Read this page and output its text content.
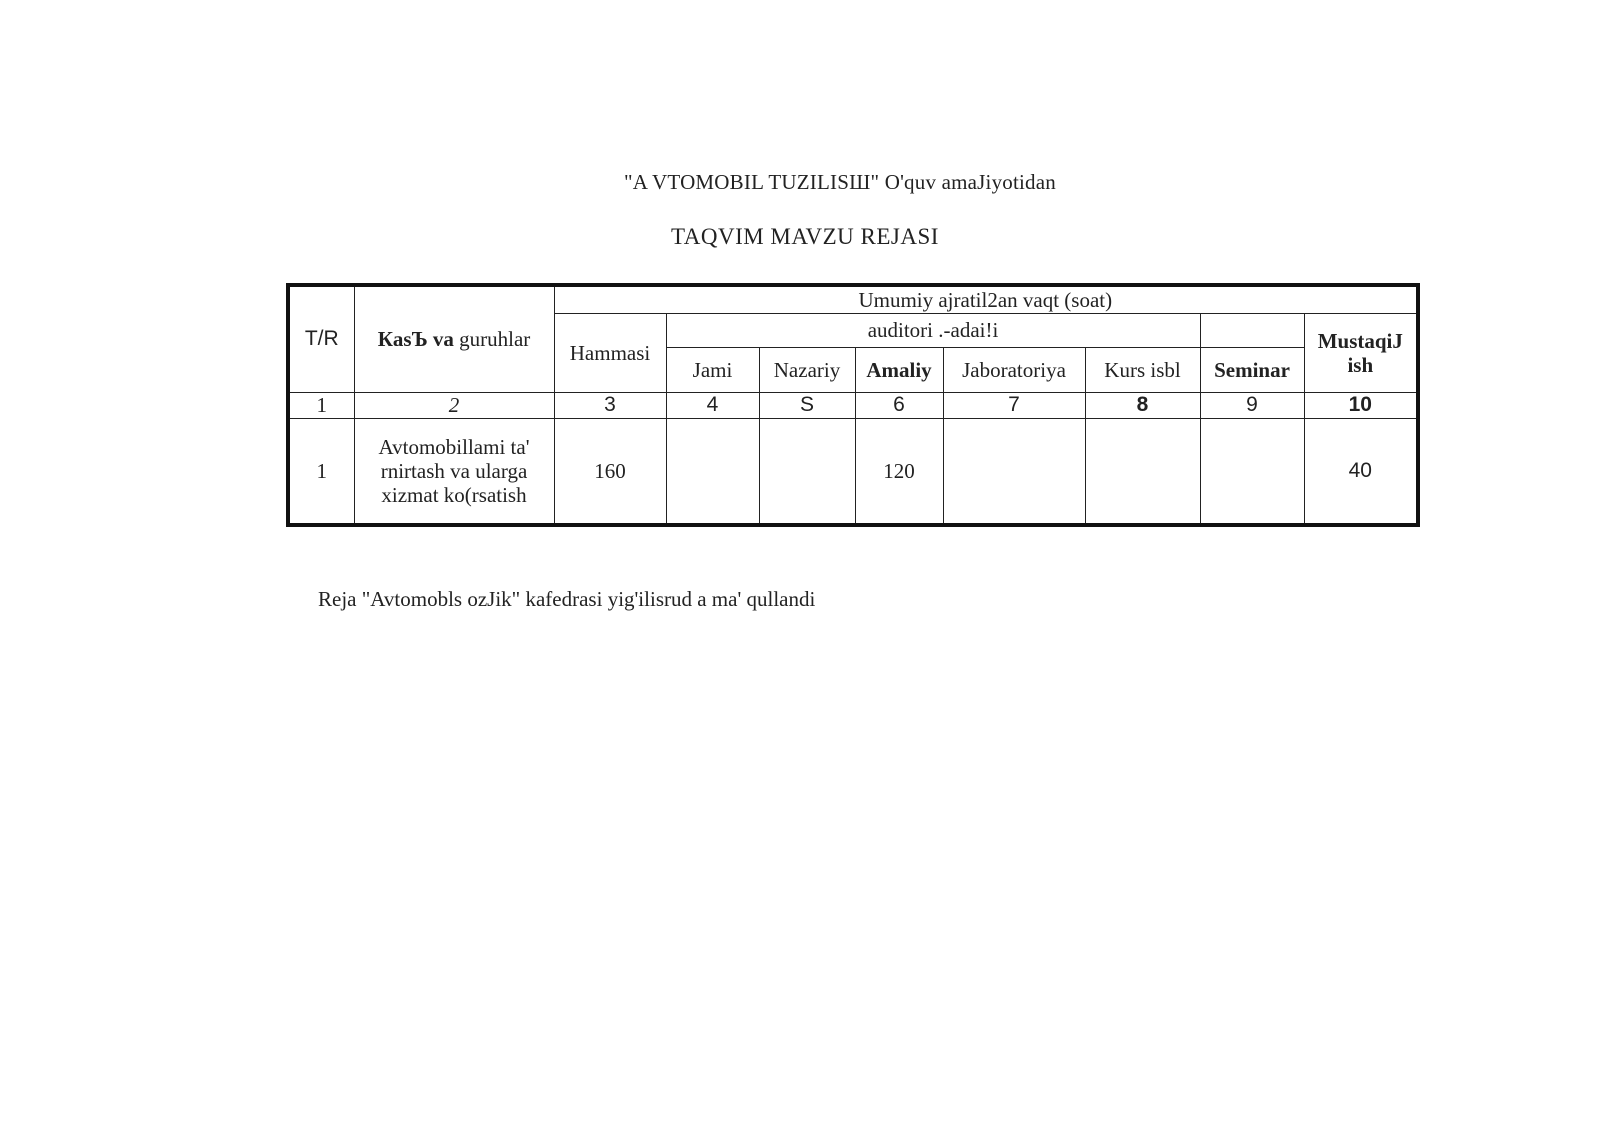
"A VTOMOBIL TUZILISШ" O'quv amaJiyotidan
TAQVIM MAVZU REJASI
T/R	КasЪ va guruhlar	Umumiy ajratil2an vaqt (soat)							
		Hammasi	auditori .-adai!i						MustaqiJ ish
			Jami	Nazariy	Amaliy	Jaboratoriya	Kurs isbl	Seminar	
1	2	3	4	S	6	7	8	9	10
1	Avtomobillami ta' rnirtash va ularga xizmat ko(rsatish	160			120				40
Reja "Avtomobls ozJik" kafedrasi yig'ilisrud a ma' qullandi
